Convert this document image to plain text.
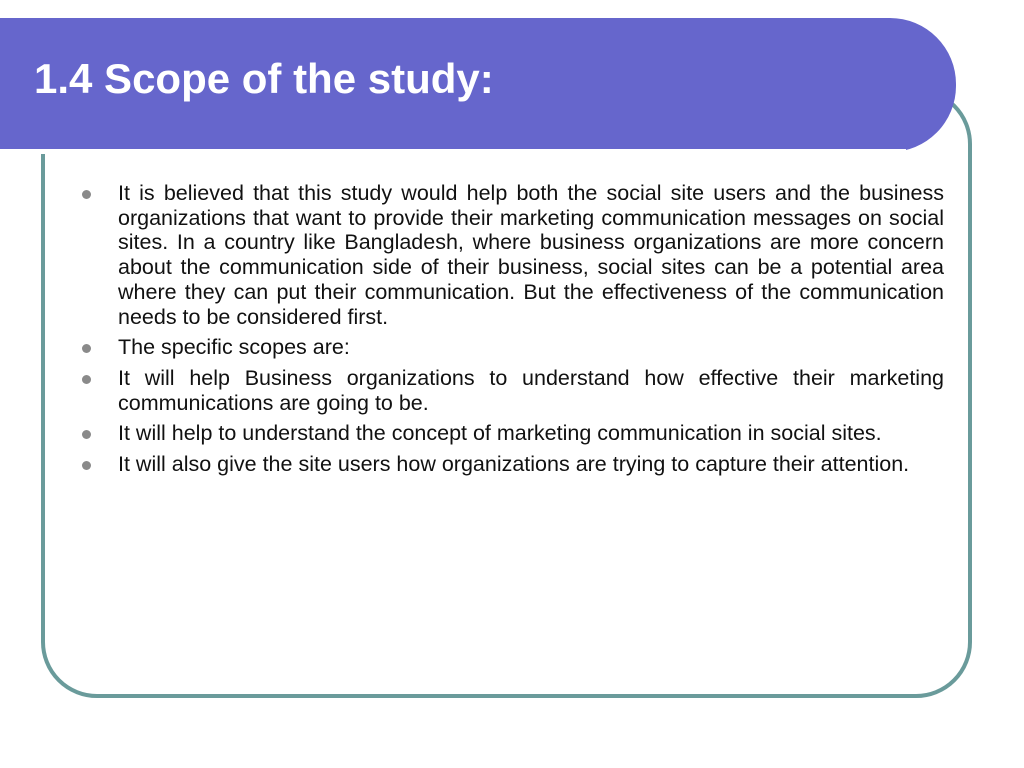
1.4 Scope of the study:
It is believed that this study would help both the social site users and the business organizations that want to provide their marketing communication messages on social sites. In a country like Bangladesh, where business organizations are more concern about the communication side of their business, social sites can be a potential area where they can put their communication. But the effectiveness of the communication needs to be considered first.
The specific scopes are:
It will help Business organizations to understand how effective their marketing communications are going to be.
It will help to understand the concept of marketing communication in social sites.
It will also give the site users how organizations are trying to capture their attention.
